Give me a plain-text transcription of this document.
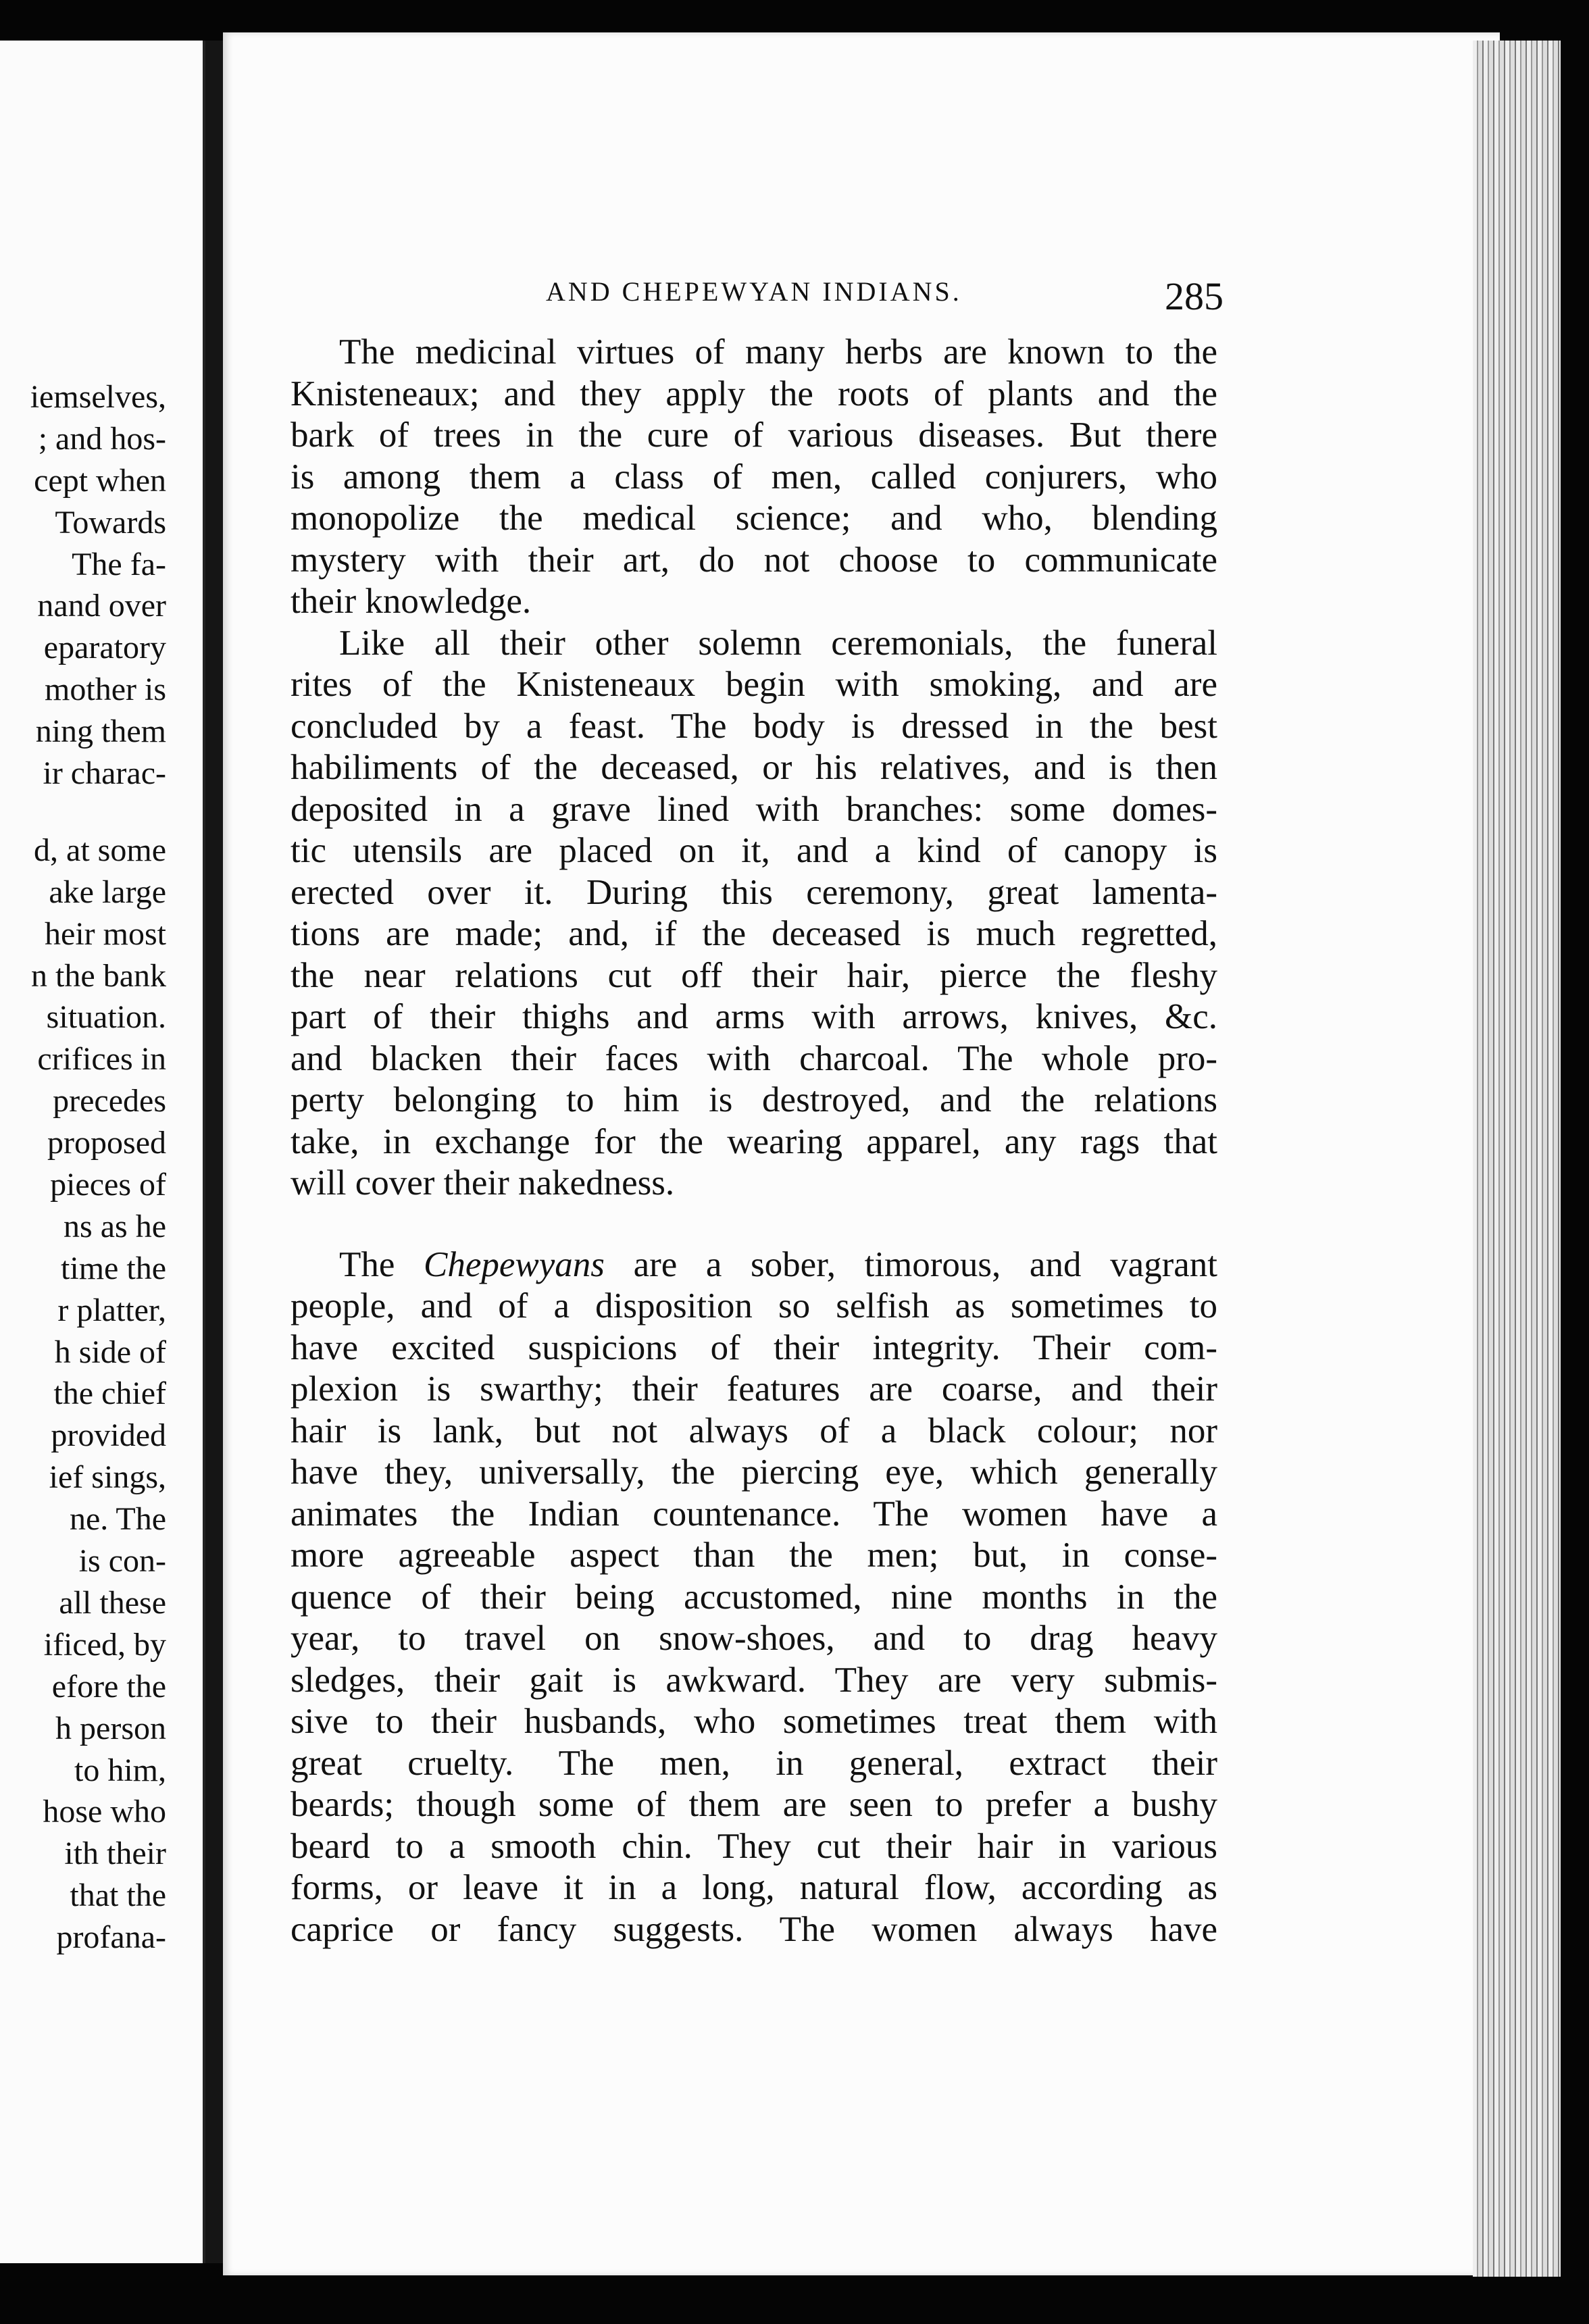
iemselves,
; and hos-
cept when
Towards
The fa-
nand over
eparatory
mother is
ning them
ir charac-
d, at some
ake large
heir most
n the bank
situation.
crifices in
precedes
proposed
pieces of
ns as he
time the
r platter,
h side of
the chief
provided
ief sings,
ne. The
is con-
all these
ificed, by
efore the
h person
to him,
hose who
ith their
that the
profana-
AND CHEPEWYAN INDIANS.	285

The medicinal virtues of many herbs are known to the

Knisteneaux; and they apply the roots of plants and the

bark of trees in the cure of various diseases. But there

is among them a class of men, called conjurers, who

monopolize the medical science; and who, blending

mystery with their art, do not choose to communicate

their knowledge.

Like all their other solemn ceremonials, the funeral

rites of the Knisteneaux begin with smoking, and are

concluded by a feast. The body is dressed in the best

habiliments of the deceased, or his relatives, and is then

deposited in a grave lined with branches: some domes-

tic utensils are placed on it, and a kind of canopy is

erected over it. During this ceremony, great lamenta-

tions are made; and, if the deceased is much regretted,

the near relations cut off their hair, pierce the fleshy

part of their thighs and arms with arrows, knives, &c.

and blacken their faces with charcoal. The whole pro-

perty belonging to him is destroyed, and the relations

take, in exchange for the wearing apparel, any rags that

will cover their nakedness.

The Chepewyans are a sober, timorous, and vagrant

people, and of a disposition so selfish as sometimes to

have excited suspicions of their integrity. Their com-

plexion is swarthy; their features are coarse, and their

hair is lank, but not always of a black colour; nor

have they, universally, the piercing eye, which generally

animates the Indian countenance. The women have a

more agreeable aspect than the men; but, in conse-

quence of their being accustomed, nine months in the

year, to travel on snow-shoes, and to drag heavy

sledges, their gait is awkward. They are very submis-

sive to their husbands, who sometimes treat them with

great cruelty. The men, in general, extract their

beards; though some of them are seen to prefer a bushy

beard to a smooth chin. They cut their hair in various

forms, or leave it in a long, natural flow, according as

caprice or fancy suggests. The women always have
